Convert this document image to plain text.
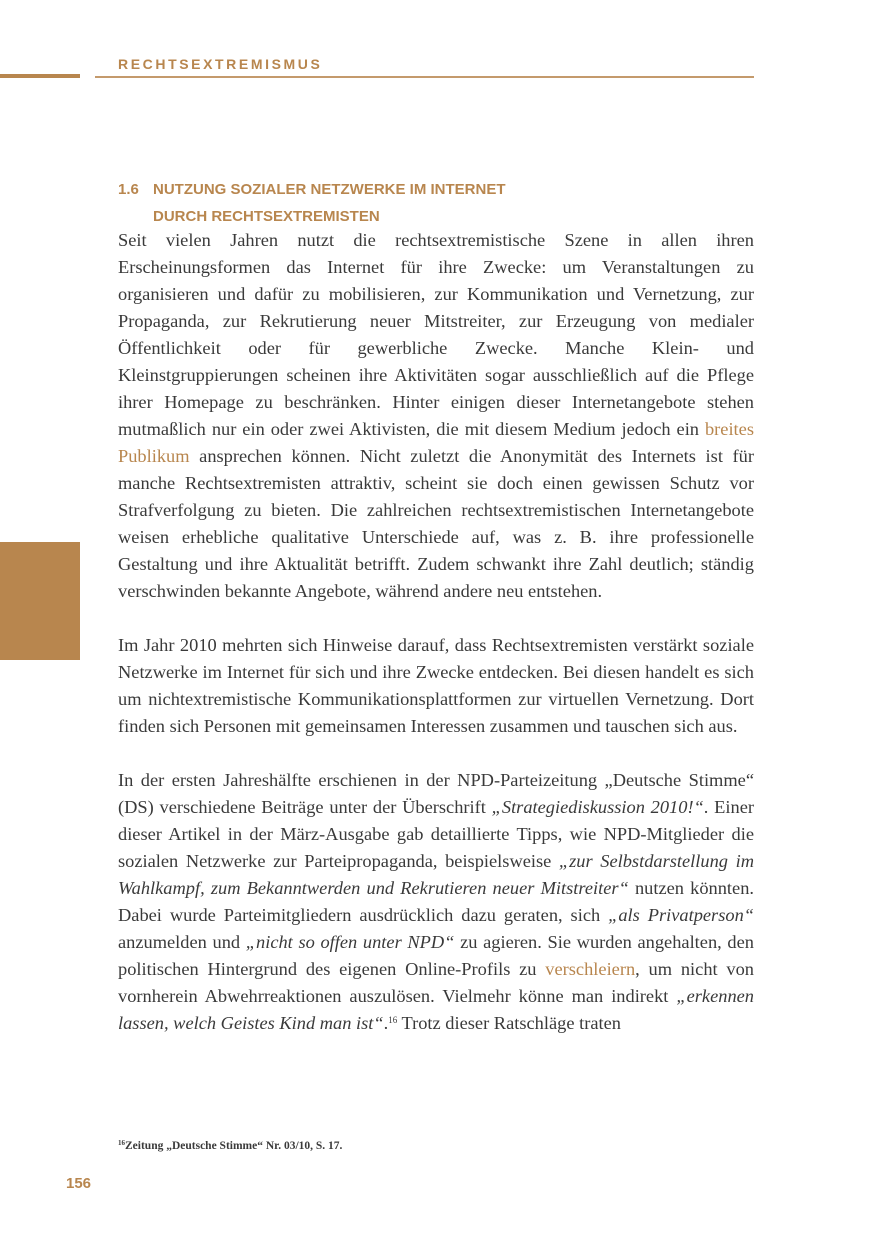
RECHTSEXTREMISMUS
1.6 NUTZUNG SOZIALER NETZWERKE IM INTERNET
DURCH RECHTSEXTREMISTEN

Seit vielen Jahren nutzt die rechtsextremistische Szene in allen ihren Erscheinungsformen das Internet für ihre Zwecke: um Veranstaltungen zu organisieren und dafür zu mobilisieren, zur Kommunikation und Vernetzung, zur Propaganda, zur Rekrutierung neuer Mitstreiter, zur Erzeugung von medialer Öffentlichkeit oder für gewerbliche Zwecke. Manche Klein- und Kleinstgruppierungen scheinen ihre Aktivitäten sogar ausschließlich auf die Pflege ihrer Homepage zu beschränken. Hinter einigen dieser Internetangebote stehen mutmaßlich nur ein oder zwei Aktivisten, die mit diesem Medium jedoch ein breites Publikum ansprechen können. Nicht zuletzt die Anonymität des Internets ist für manche Rechtsextremisten attraktiv, scheint sie doch einen gewissen Schutz vor Strafverfolgung zu bieten. Die zahlreichen rechtsextremistischen Internetangebote weisen erhebliche qualitative Unterschiede auf, was z. B. ihre professionelle Gestaltung und ihre Aktualität betrifft. Zudem schwankt ihre Zahl deutlich; ständig verschwinden bekannte Angebote, während andere neu entstehen.

Im Jahr 2010 mehrten sich Hinweise darauf, dass Rechtsextremisten verstärkt soziale Netzwerke im Internet für sich und ihre Zwecke entdecken. Bei diesen handelt es sich um nichtextremistische Kommunikationsplattformen zur virtuellen Vernetzung. Dort finden sich Personen mit gemeinsamen Interessen zusammen und tauschen sich aus.

In der ersten Jahreshälfte erschienen in der NPD-Parteizeitung „Deutsche Stimme“ (DS) verschiedene Beiträge unter der Überschrift „Strategiediskussion 2010!“. Einer dieser Artikel in der März-Ausgabe gab detaillierte Tipps, wie NPD-Mitglieder die sozialen Netzwerke zur Parteipropaganda, beispielsweise „zur Selbstdarstellung im Wahlkampf, zum Bekanntwerden und Rekrutieren neuer Mitstreiter“ nutzen könnten. Dabei wurde Parteimitgliedern ausdrücklich dazu geraten, sich „als Privatperson“ anzumelden und „nicht so offen unter NPD“ zu agieren. Sie wurden angehalten, den politischen Hintergrund des eigenen Online-Profils zu verschleiern, um nicht von vornherein Abwehrreaktionen auszulösen. Vielmehr könne man indirekt „erkennen lassen, welch Geistes Kind man ist“.$^{16}$ Trotz dieser Ratschläge traten

$^{16}$Zeitung „Deutsche Stimme“ Nr. 03/10, S. 17.
156
